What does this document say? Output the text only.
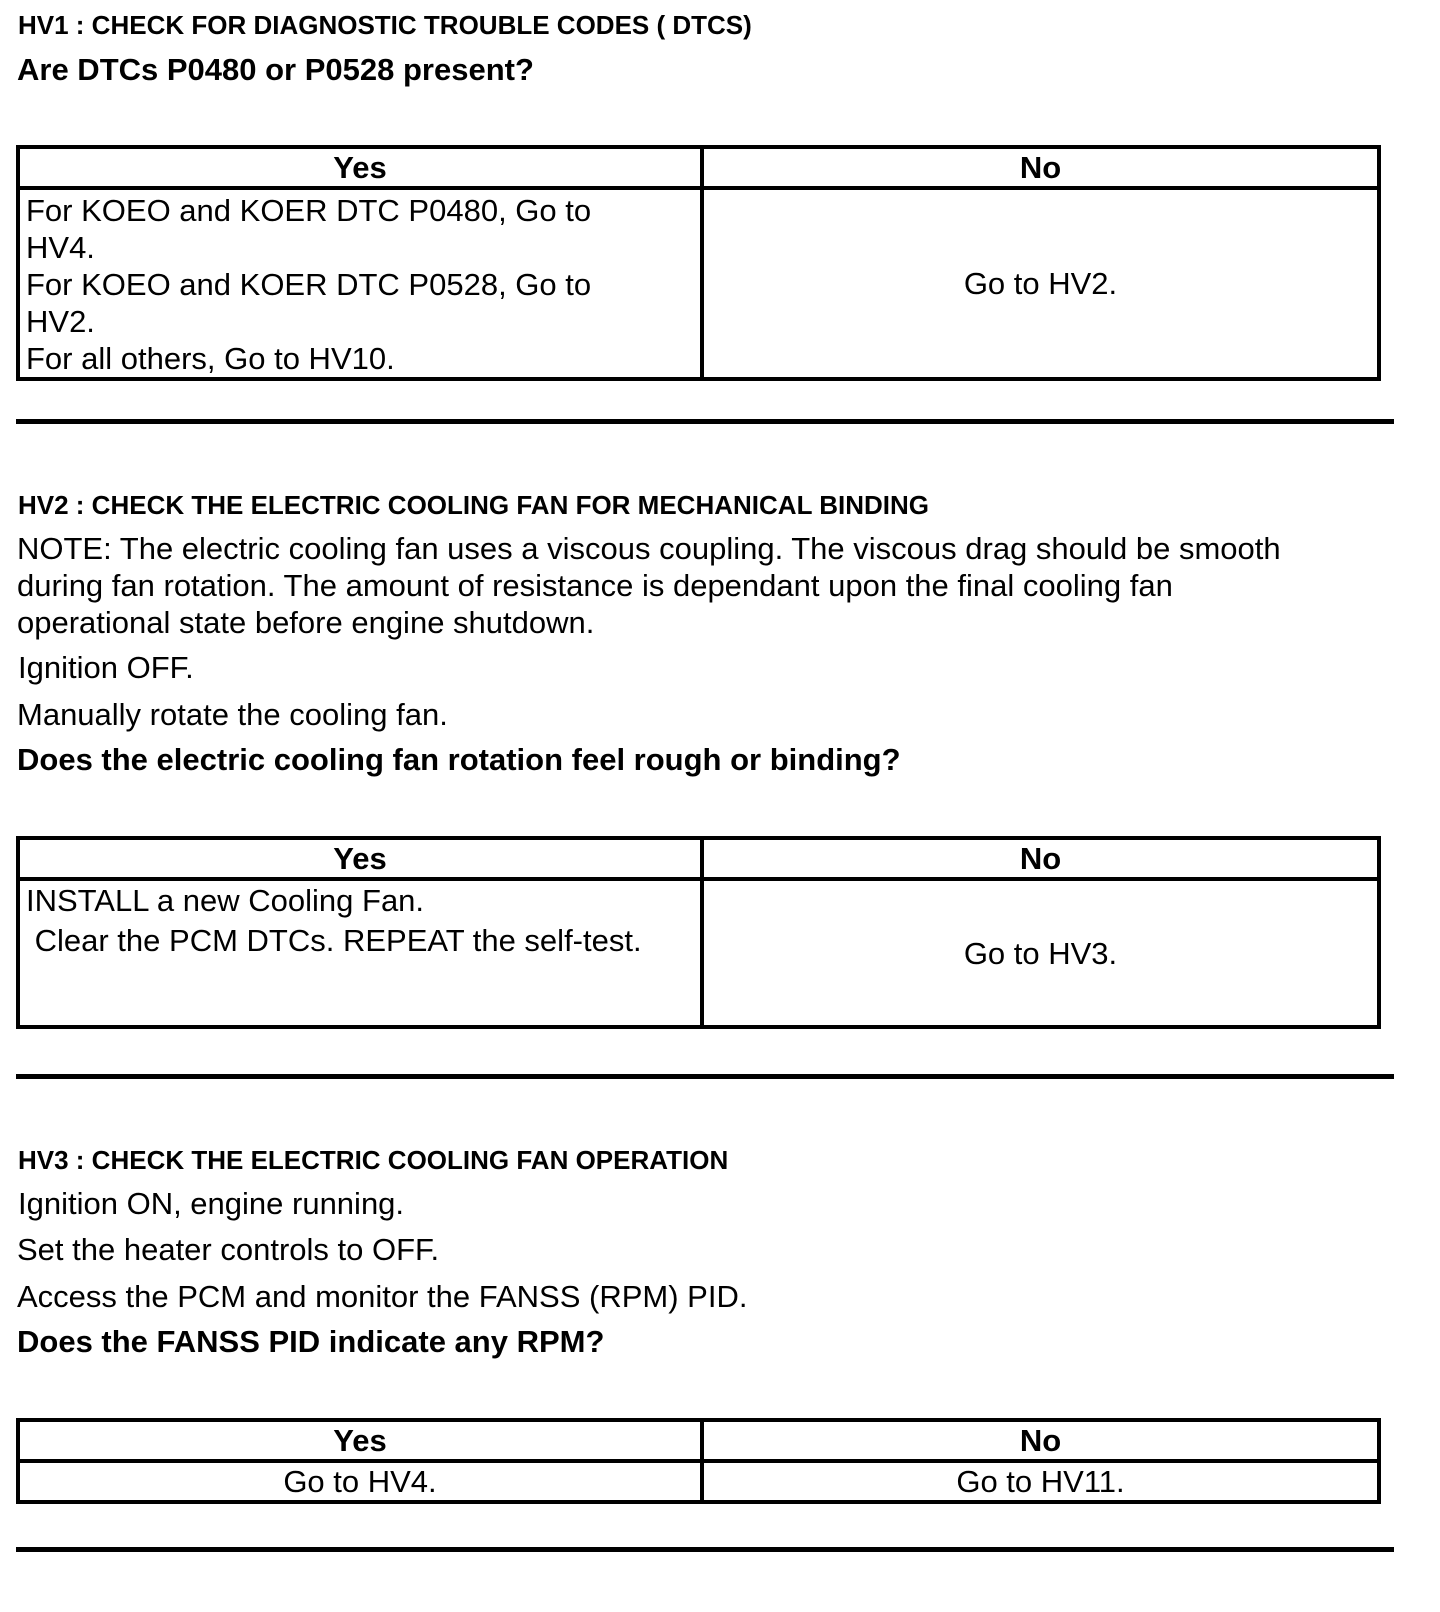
HV1 : CHECK FOR DIAGNOSTIC TROUBLE CODES ( DTCS)
Are DTCs P0480 or P0528 present?
Yes	No

For KOEO and KOER DTC P0480, Go to
HV4.
For KOEO and KOER DTC P0528, Go to
HV2.
For all others, Go to HV10.	Go to HV2.
HV2 : CHECK THE ELECTRIC COOLING FAN FOR MECHANICAL BINDING
NOTE: The electric cooling fan uses a viscous coupling. The viscous drag should be smooth
during fan rotation. The amount of resistance is dependant upon the final cooling fan
operational state before engine shutdown.
Ignition OFF.
Manually rotate the cooling fan.
Does the electric cooling fan rotation feel rough or binding?
Yes	No

INSTALL a new Cooling Fan.
Clear the PCM DTCs. REPEAT the self-test.	Go to HV3.
HV3 : CHECK THE ELECTRIC COOLING FAN OPERATION
Ignition ON, engine running.
Set the heater controls to OFF.
Access the PCM and monitor the FANSS (RPM) PID.
Does the FANSS PID indicate any RPM?
Yes	No
Go to HV4.	Go to HV11.
